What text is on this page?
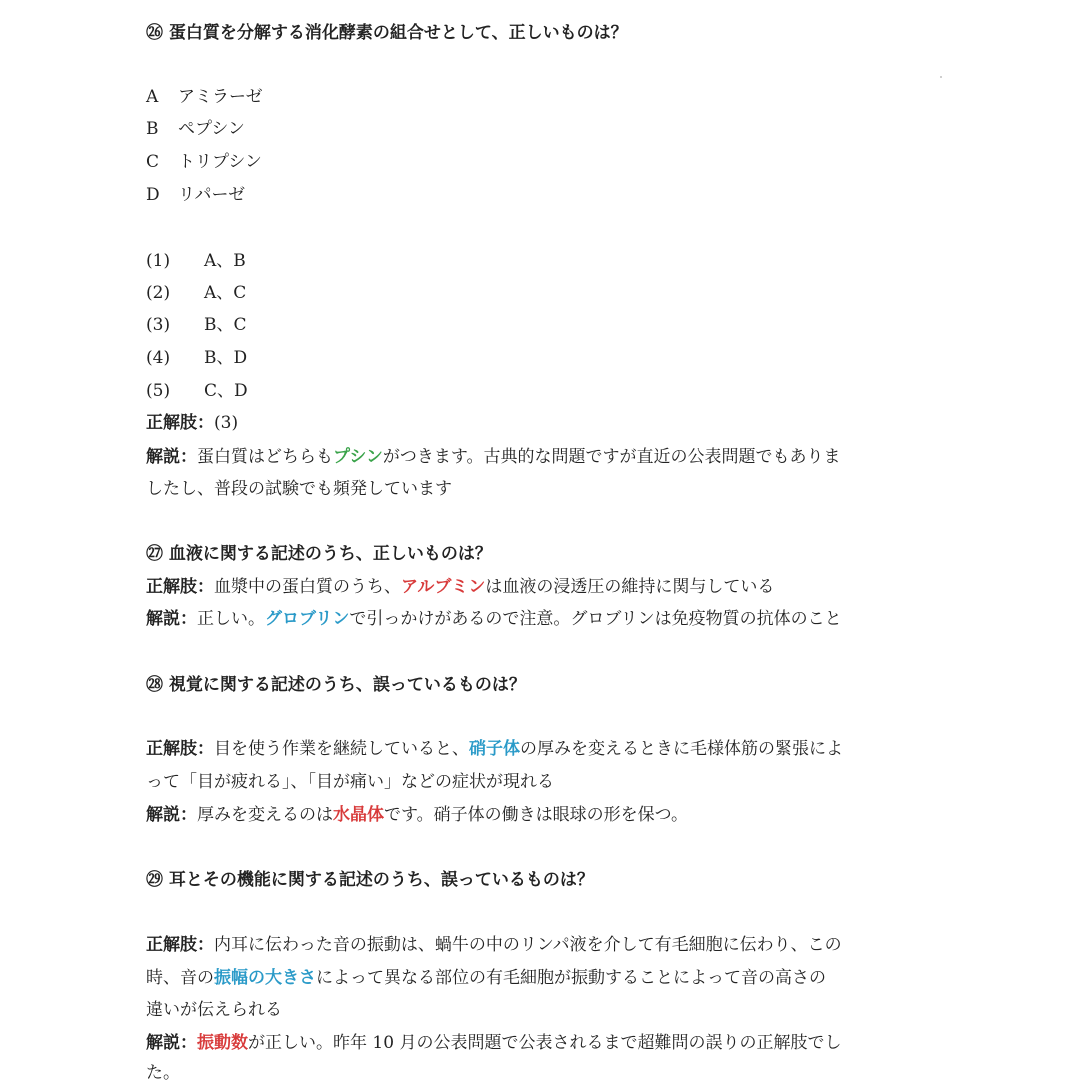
㉖ 蛋白質を分解する消化酵素の組合せとして、正しいものは？
A アミラーゼ
B ペプシン
C トリプシン
D リパーゼ
(1) A、B
(2) A、C
(3) B、C
(4) B、D
(5) C、D
正解肢：(3)
解説：蛋白質はどちらもプシンがつきます。古典的な問題ですが直近の公表問題でもありま
したし、普段の試験でも頻発しています
㉗ 血液に関する記述のうち、正しいものは？
正解肢：血漿中の蛋白質のうち、アルブミンは血液の浸透圧の維持に関与している
解説：正しい。グロブリンで引っかけがあるので注意。グロブリンは免疫物質の抗体のこと
㉘ 視覚に関する記述のうち、誤っているものは？
正解肢：目を使う作業を継続していると、硝子体の厚みを変えるときに毛様体筋の緊張によ
って「目が疲れる」、「目が痛い」などの症状が現れる
解説：厚みを変えるのは水晶体です。硝子体の働きは眼球の形を保つ。
㉙ 耳とその機能に関する記述のうち、誤っているものは？
正解肢：内耳に伝わった音の振動は、蝸牛の中のリンパ液を介して有毛細胞に伝わり、この
時、音の振幅の大きさによって異なる部位の有毛細胞が振動することによって音の高さの
違いが伝えられる
解説：振動数が正しい。昨年 10 月の公表問題で公表されるまで超難問の誤りの正解肢でし
た。
